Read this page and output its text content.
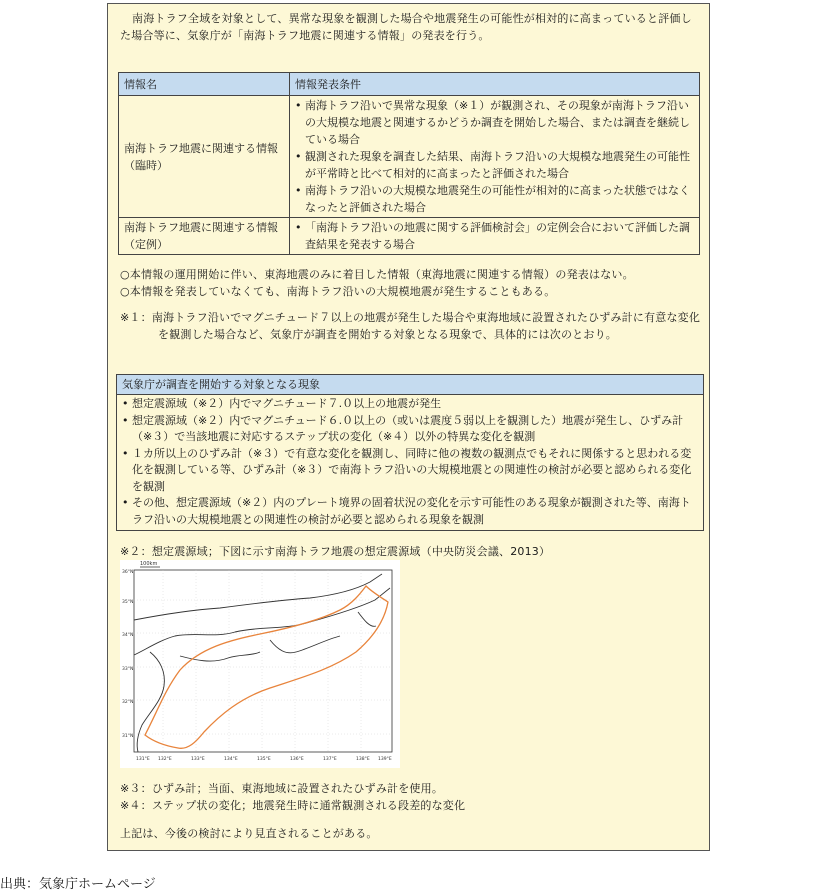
南海トラフ全域を対象として、異常な現象を観測した場合や地震発生の可能性が相対的に高まっていると評価した場合等に、気象庁が「南海トラフ地震に関連する情報」の発表を行う。
情報名	情報発表条件
南海トラフ地震に関連する情報（臨時）	• 南海トラフ沿いで異常な現象（※１）が観測され、その現象が南海トラフ沿いの大規模な地震と関連するかどうか調査を開始した場合、または調査を継続している場合
• 観測された現象を調査した結果、南海トラフ沿いの大規模な地震発生の可能性が平常時と比べて相対的に高まったと評価された場合
• 南海トラフ沿いの大規模な地震発生の可能性が相対的に高まった状態ではなくなったと評価された場合

南海トラフ地震に関連する情報（定例）	• 「南海トラフ沿いの地震に関する評価検討会」の定例会合において評価した調査結果を発表する場合
○本情報の運用開始に伴い、東海地震のみに着目した情報（東海地震に関連する情報）の発表はない。
○本情報を発表していなくても、南海トラフ沿いの大規模地震が発生することもある。
※１：南海トラフ沿いでマグニチュード７以上の地震が発生した場合や東海地域に設置されたひずみ計に有意な変化を観測した場合など、気象庁が調査を開始する対象となる現象で、具体的には次のとおり。
気象庁が調査を開始する対象となる現象
• 想定震源域（※２）内でマグニチュード７.０以上の地震が発生
• 想定震源域（※２）内でマグニチュード６.０以上の（或いは震度５弱以上を観測した）地震が発生し、ひずみ計（※３）で当該地震に対応するステップ状の変化（※４）以外の特異な変化を観測
• １カ所以上のひずみ計（※３）で有意な変化を観測し、同時に他の複数の観測点でもそれに関係すると思われる変化を観測している等、ひずみ計（※３）で南海トラフ沿いの大規模地震との関連性の検討が必要と認められる変化を観測
• その他、想定震源域（※２）内のプレート境界の固着状況の変化を示す可能性のある現象が観測された等、南海トラフ沿いの大規模地震との関連性の検討が必要と認められる現象を観測
※２：想定震源域；下図に示す南海トラフ地震の想定震源域（中央防災会議、2013）
100km
36°N
35°N
34°N
33°N
32°N
31°N
131°E 132°E	133°E	134°E	135°E	136°E	137°E	138°E 139°E
※３：ひずみ計；当面、東海地域に設置されたひずみ計を使用。
※４：ステップ状の変化；地震発生時に通常観測される段差的な変化
上記は、今後の検討により見直されることがある。
出典：気象庁ホームページ
